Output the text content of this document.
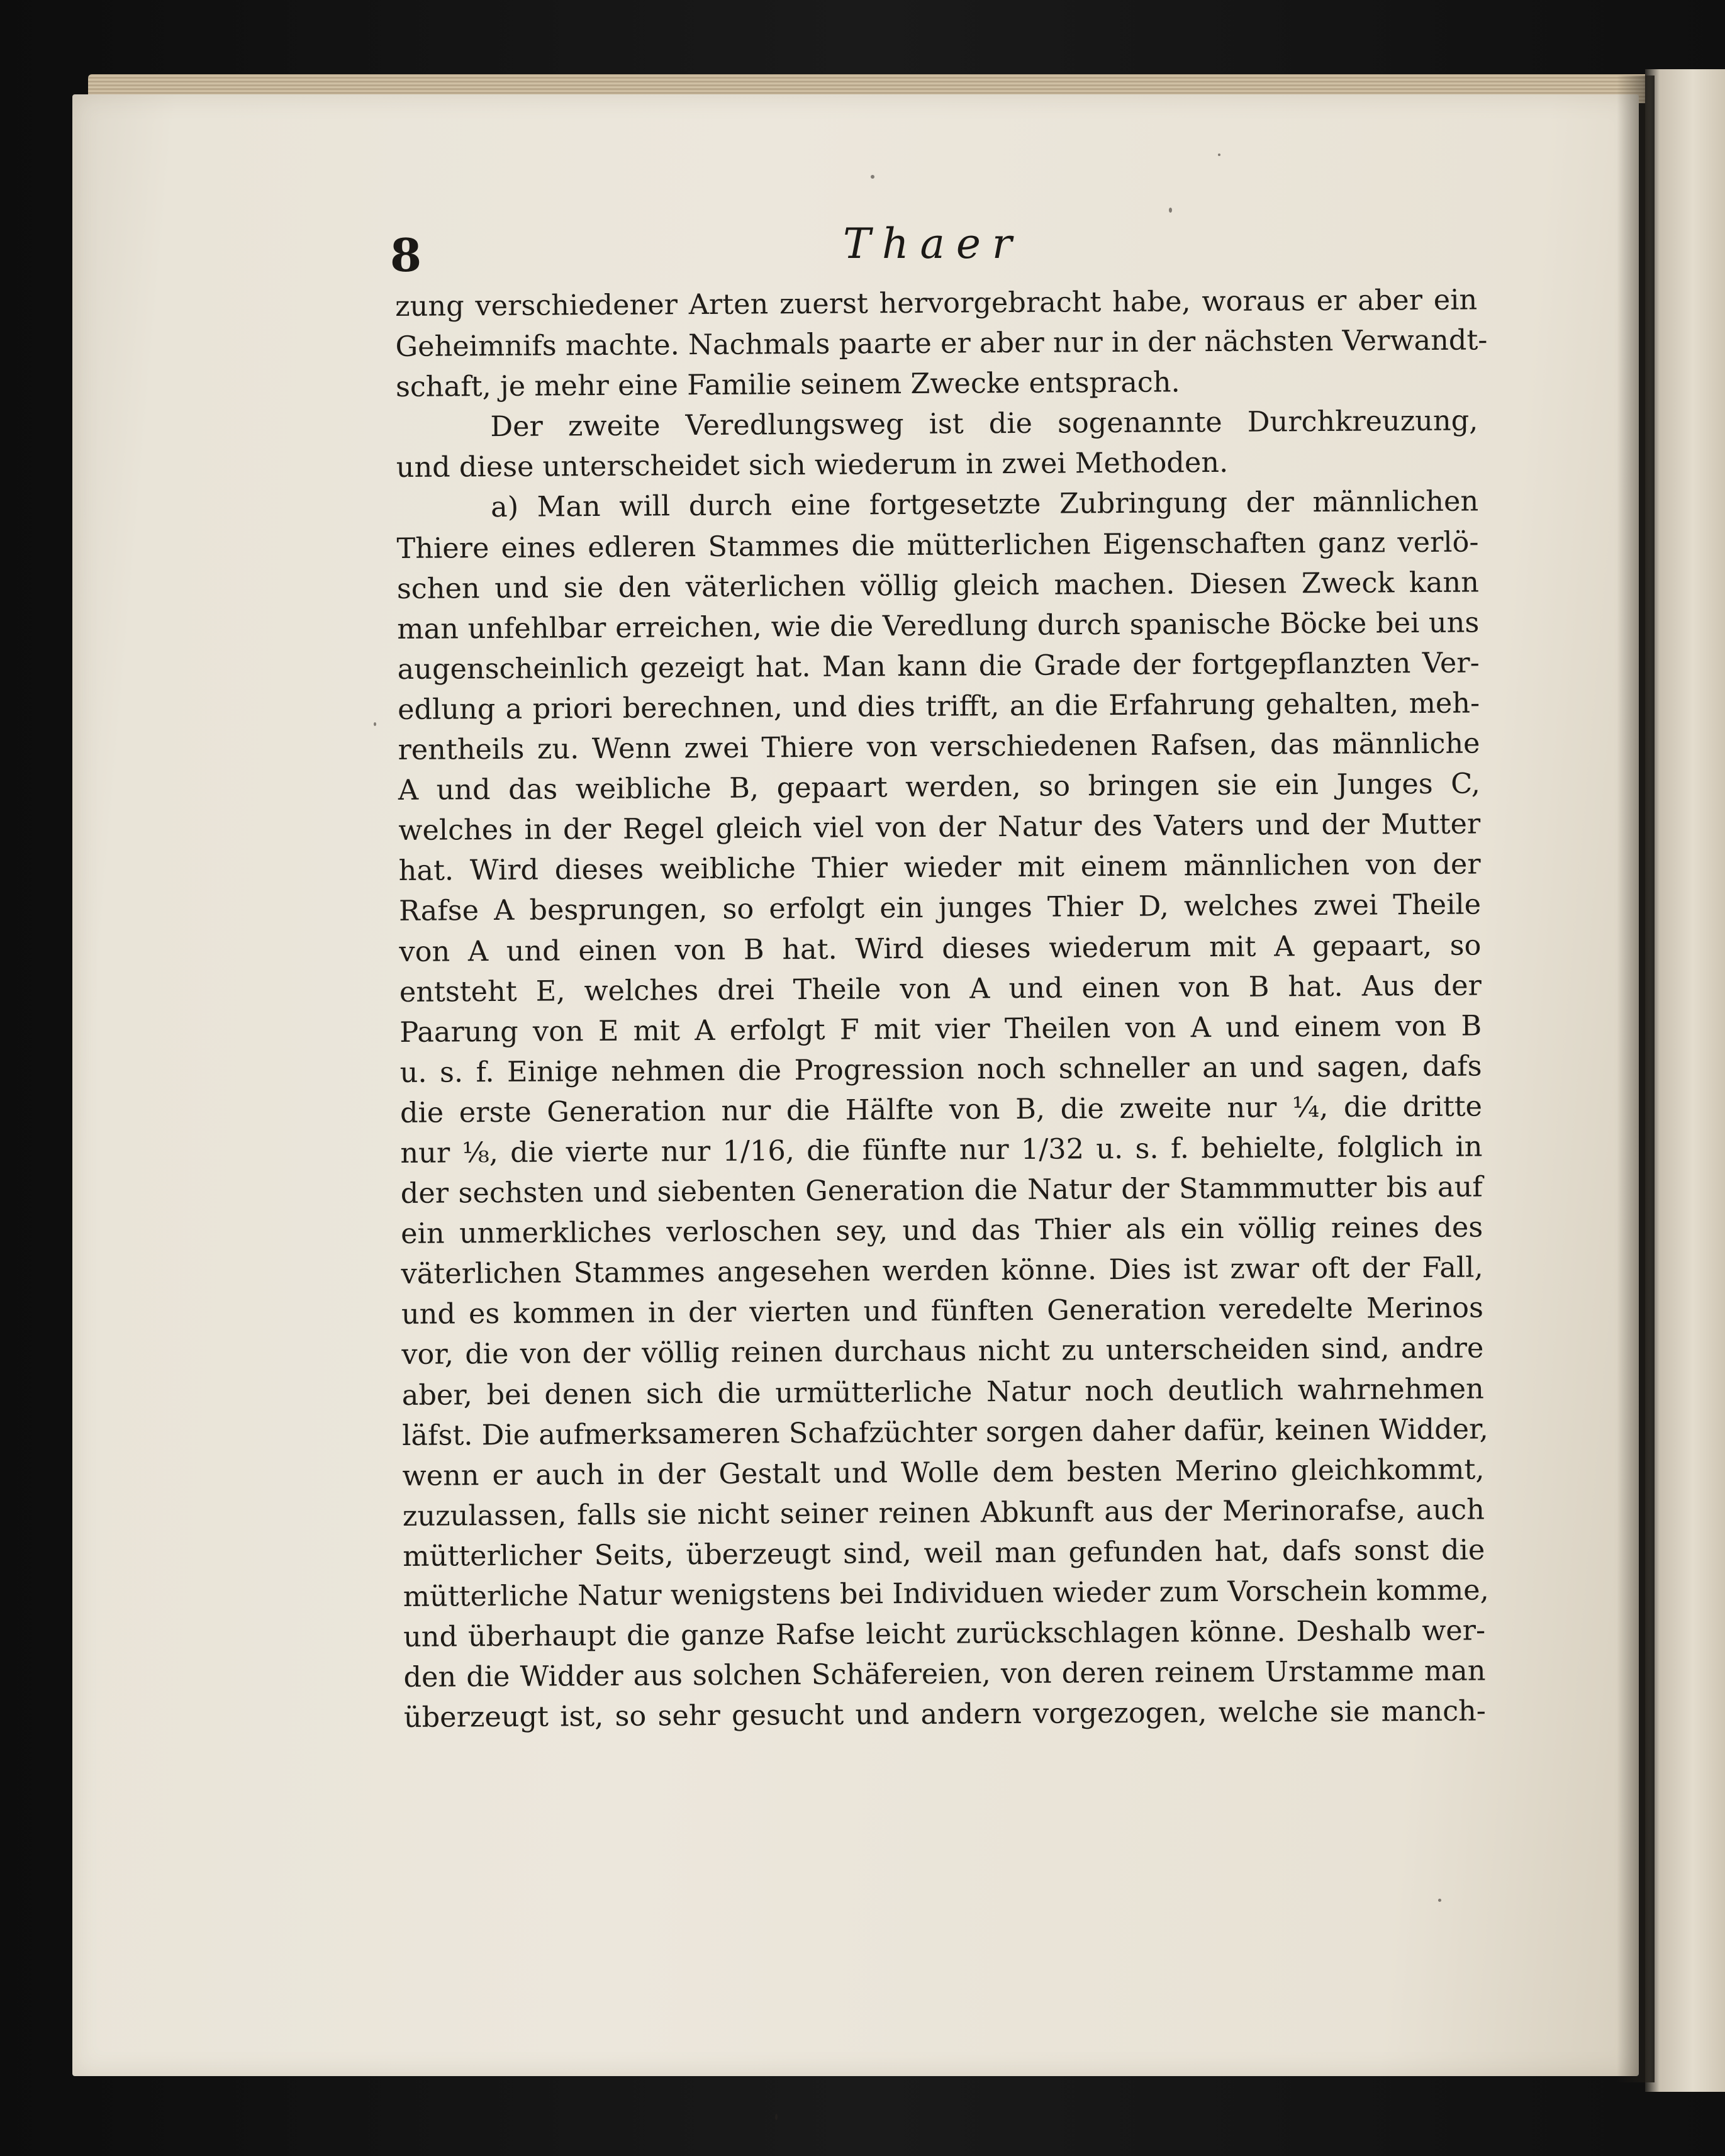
8	Thaer
zung verschiedener Arten zuerst hervorgebracht habe, woraus er aber ein
Geheimnifs machte. Nachmals paarte er aber nur in der nächsten Verwandt-
schaft, je mehr eine Familie seinem Zwecke entsprach.
Der zweite Veredlungsweg ist die sogenannte Durchkreuzung,
und diese unterscheidet sich wiederum in zwei Methoden.
a) Man will durch eine fortgesetzte Zubringung der männlichen
Thiere eines edleren Stammes die mütterlichen Eigenschaften ganz verlö-
schen und sie den väterlichen völlig gleich machen. Diesen Zweck kann
man unfehlbar erreichen, wie die Veredlung durch spanische Böcke bei uns
augenscheinlich gezeigt hat. Man kann die Grade der fortgepflanzten Ver-
edlung a priori berechnen, und dies trifft, an die Erfahrung gehalten, meh-
rentheils zu. Wenn zwei Thiere von verschiedenen Rafsen, das männliche
A und das weibliche B, gepaart werden, so bringen sie ein Junges C,
welches in der Regel gleich viel von der Natur des Vaters und der Mutter
hat. Wird dieses weibliche Thier wieder mit einem männlichen von der
Rafse A besprungen, so erfolgt ein junges Thier D, welches zwei Theile
von A und einen von B hat. Wird dieses wiederum mit A gepaart, so
entsteht E, welches drei Theile von A und einen von B hat. Aus der
Paarung von E mit A erfolgt F mit vier Theilen von A und einem von B
u. s. f. Einige nehmen die Progression noch schneller an und sagen, dafs
die erste Generation nur die Hälfte von B, die zweite nur ¼, die dritte
nur ⅛, die vierte nur 1/16, die fünfte nur 1/32 u. s. f. behielte, folglich in
der sechsten und siebenten Generation die Natur der Stammmutter bis auf
ein unmerkliches verloschen sey, und das Thier als ein völlig reines des
väterlichen Stammes angesehen werden könne. Dies ist zwar oft der Fall,
und es kommen in der vierten und fünften Generation veredelte Merinos
vor, die von der völlig reinen durchaus nicht zu unterscheiden sind, andre
aber, bei denen sich die urmütterliche Natur noch deutlich wahrnehmen
läfst. Die aufmerksameren Schafzüchter sorgen daher dafür, keinen Widder,
wenn er auch in der Gestalt und Wolle dem besten Merino gleichkommt,
zuzulassen, falls sie nicht seiner reinen Abkunft aus der Merinorafse, auch
mütterlicher Seits, überzeugt sind, weil man gefunden hat, dafs sonst die
mütterliche Natur wenigstens bei Individuen wieder zum Vorschein komme,
und überhaupt die ganze Rafse leicht zurückschlagen könne. Deshalb wer-
den die Widder aus solchen Schäfereien, von deren reinem Urstamme man
überzeugt ist, so sehr gesucht und andern vorgezogen, welche sie manch-
